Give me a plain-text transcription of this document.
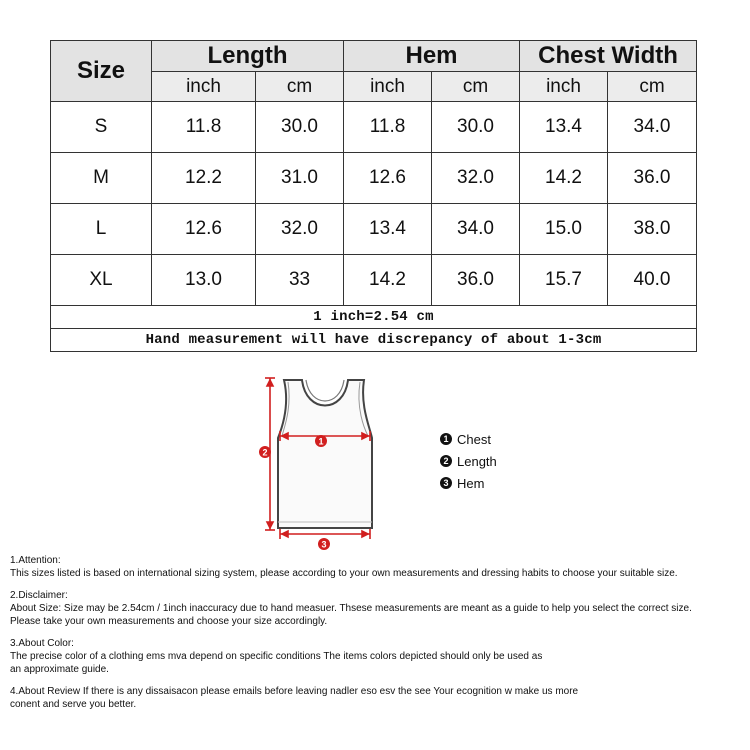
Size	Length		Hem		Chest Width	
	inch	cm	inch	cm	inch	cm
S	11.8	30.0	11.8	30.0	13.4	34.0
M	12.2	31.0	12.6	32.0	14.2	36.0
L	12.6	32.0	13.4	34.0	15.0	38.0
XL	13.0	33	14.2	36.0	15.7	40.0
1 inch=2.54 cm						
Hand measurement will have discrepancy of about 1-3cm						
1
2
3
1 Chest
2 Length
3 Hem

1.Attention:

This sizes listed is based on international sizing system, please according to your own measurements and dressing habits to choose your suitable size.

2.Disclaimer:

About Size: Size may be 2.54cm / 1inch inaccuracy due to hand measuer. Thsese measurements are meant as a guide to help you select the correct size.

Please take your own measurements and choose your size accordingly.

3.About Color:

The precise color of a clothing ems mva depend on specific conditions The items colors depicted should only be used as

an approximate guide.

4.About Review If there is any dissaisacon please emails before leaving nadler eso esv the see Your ecognition w make us more

conent and serve you better.
